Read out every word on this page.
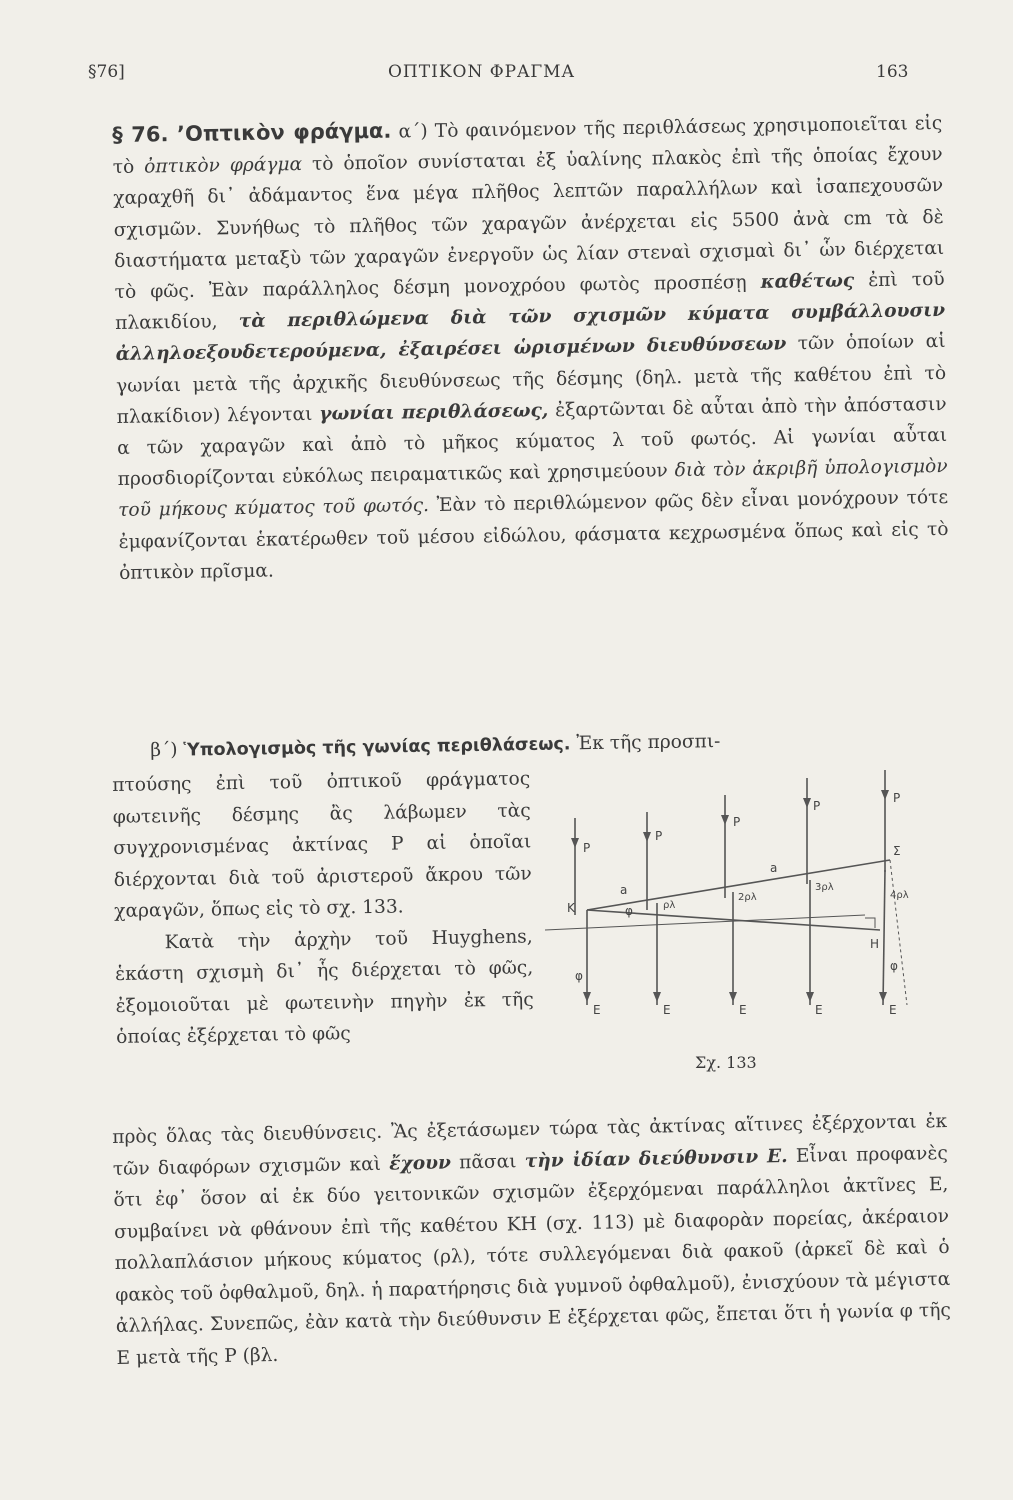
§76]	ΟΠΤΙΚΟΝ ΦΡΑΓΜΑ	163
§ 76. ’Οπτικὸν φράγμα. α΄) Τὸ φαινόμενον τῆς περιθλάσεως χρησιμοποιεῖται εἰς τὸ ὀπτικὸν φράγμα τὸ ὁποῖον συνίσταται ἐξ ὑαλίνης πλακὸς ἐπὶ τῆς ὁποίας ἔχουν χαραχθῆ δι᾽ ἀδάμαντος ἕνα μέγα πλῆθος λεπτῶν παραλλήλων καὶ ἰσαπεχουσῶν σχισμῶν. Συνήθως τὸ πλῆθος τῶν χαραγῶν ἀνέρχεται εἰς 5500 ἀνὰ cm τὰ δὲ διαστήματα μεταξὺ τῶν χαραγῶν ἐνεργοῦν ὡς λίαν στεναὶ σχισμαὶ δι᾽ ὧν διέρχεται τὸ φῶς. Ἐὰν παράλληλος δέσμη μονοχρόου φωτὸς προσπέσῃ καθέτως ἐπὶ τοῦ πλακιδίου, τὰ περιθλώμενα διὰ τῶν σχισμῶν κύματα συμβάλλουσιν ἀλληλοεξουδετερούμενα, ἐξαιρέσει ὡρισμένων διευθύνσεων τῶν ὁποίων αἱ γωνίαι μετὰ τῆς ἀρχικῆς διευθύνσεως τῆς δέσμης (δηλ. μετὰ τῆς καθέτου ἐπὶ τὸ πλακίδιον) λέγονται γωνίαι περιθλάσεως, ἐξαρτῶνται δὲ αὗται ἀπὸ τὴν ἀπόστασιν α τῶν χαραγῶν καὶ ἀπὸ τὸ μῆκος κύματος λ τοῦ φωτός. Αἱ γωνίαι αὗται προσδιορίζονται εὐκόλως πειραματικῶς καὶ χρησιμεύουν διὰ τὸν ἀκριβῆ ὑπολογισμὸν τοῦ μήκους κύματος τοῦ φωτός. Ἐὰν τὸ περιθλώμενον φῶς δὲν εἶναι μονόχρουν τότε ἐμφανίζονται ἑκατέρωθεν τοῦ μέσου εἰδώλου, φάσματα κεχρωσμένα ὅπως καὶ εἰς τὸ ὀπτικὸν πρῖσμα.
β΄) Ὑπολογισμὸς τῆς γωνίας περιθλάσεως. Ἐκ τῆς προσπι-

πτούσης ἐπὶ τοῦ ὀπτικοῦ φράγματος φωτεινῆς δέσμης ἂς λάβωμεν τὰς συγχρονισμένας ἀκτίνας Ρ αἱ ὁποῖαι διέρχονται διὰ τοῦ ἀριστεροῦ ἄκρου τῶν χαραγῶν, ὅπως εἰς τὸ σχ. 133.

Κατὰ τὴν ἀρχὴν τοῦ Huyghens, ἑκάστη σχισμὴ δι᾽ ἧς διέρχεται τὸ φῶς, ἐξομοιοῦται μὲ φωτεινὴν πηγὴν ἐκ τῆς ὁποίας ἐξέρχεται τὸ φῶς

P
P
P
P
P
K
H
Σ
a
a
φ
φ
φ
ρλ
2ρλ
3ρλ
4ρλ
E	E	E	E	E
Σχ. 133
πρὸς ὅλας τὰς διευθύνσεις. Ἂς ἐξετάσωμεν τώρα τὰς ἀκτίνας αἵτινες ἐξέρχονται ἐκ τῶν διαφόρων σχισμῶν καὶ ἔχουν πᾶσαι τὴν ἰδίαν διεύθυνσιν Ε. Εἶναι προφανὲς ὅτι ἐφ᾽ ὅσον αἱ ἐκ δύο γειτονικῶν σχισμῶν ἐξερχόμεναι παράλληλοι ἀκτῖνες Ε, συμβαίνει νὰ φθάνουν ἐπὶ τῆς καθέτου ΚΗ (σχ. 113) μὲ διαφορὰν πορείας, ἀκέραιον πολλαπλάσιον μήκους κύματος (ρλ), τότε συλλεγόμεναι διὰ φακοῦ (ἀρκεῖ δὲ καὶ ὁ φακὸς τοῦ ὀφθαλμοῦ, δηλ. ἡ παρατήρησις διὰ γυμνοῦ ὀφθαλμοῦ), ἐνισχύουν τὰ μέγιστα ἀλλήλας. Συνεπῶς, ἐὰν κατὰ τὴν διεύθυνσιν Ε ἐξέρχεται φῶς, ἔπεται ὅτι ἡ γωνία φ τῆς Ε μετὰ τῆς Ρ (βλ.
